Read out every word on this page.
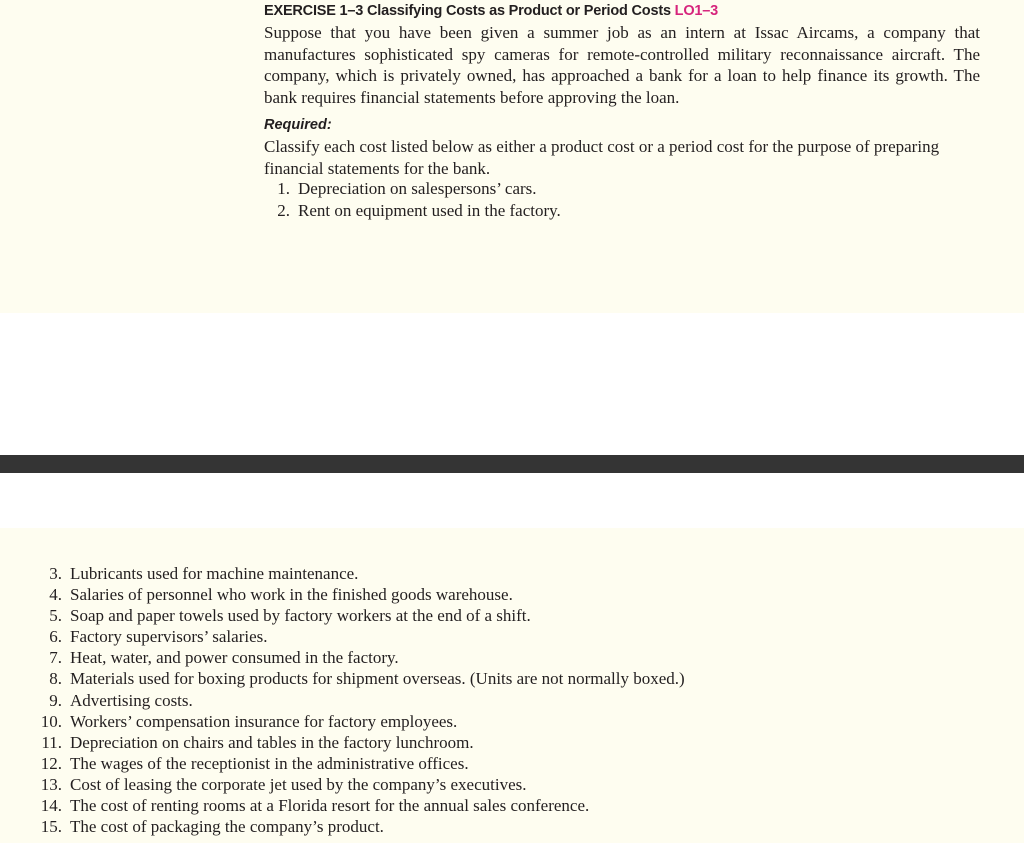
EXERCISE 1–3 Classifying Costs as Product or Period Costs LO1–3

Suppose that you have been given a summer job as an intern at Issac Aircams, a company that manufactures sophisticated spy cameras for remote-controlled military reconnaissance aircraft. The company, which is privately owned, has approached a bank for a loan to help finance its growth. The bank requires financial statements before approving the loan.

Required:

Classify each cost listed below as either a product cost or a period cost for the purpose of preparing financial statements for the bank.

1. Depreciation on salespersons’ cars.
2. Rent on equipment used in the factory.
3. Lubricants used for machine maintenance.
4. Salaries of personnel who work in the finished goods warehouse.
5. Soap and paper towels used by factory workers at the end of a shift.
6. Factory supervisors’ salaries.
7. Heat, water, and power consumed in the factory.
8. Materials used for boxing products for shipment overseas. (Units are not normally boxed.)
9. Advertising costs.
10. Workers’ compensation insurance for factory employees.
11. Depreciation on chairs and tables in the factory lunchroom.
12. The wages of the receptionist in the administrative offices.
13. Cost of leasing the corporate jet used by the company’s executives.
14. The cost of renting rooms at a Florida resort for the annual sales conference.
15. The cost of packaging the company’s product.
